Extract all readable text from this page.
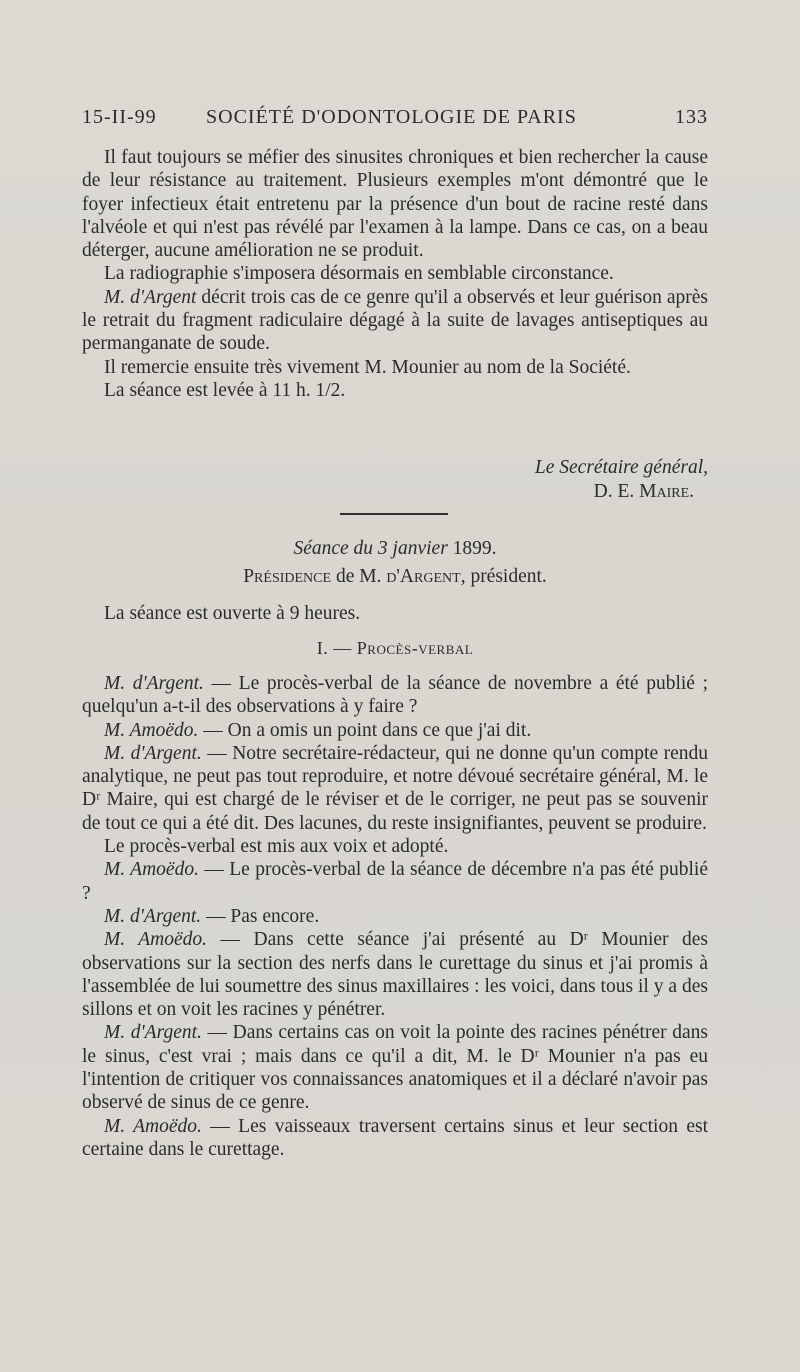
15-II-99 SOCIÉTÉ D'ODONTOLOGIE DE PARIS	133

Il faut toujours se méfier des sinusites chroniques et bien rechercher la cause de leur résistance au traitement. Plusieurs exemples m'ont démontré que le foyer infectieux était entretenu par la présence d'un bout de racine resté dans l'alvéole et qui n'est pas révélé par l'examen à la lampe. Dans ce cas, on a beau déterger, aucune amélioration ne se produit.

La radiographie s'imposera désormais en semblable circonstance.

M. d'Argent décrit trois cas de ce genre qu'il a observés et leur guérison après le retrait du fragment radiculaire dégagé à la suite de lavages antiseptiques au permanganate de soude.

Il remercie ensuite très vivement M. Mounier au nom de la Société.

La séance est levée à 11 h. 1/2.

Le Secrétaire général,
D. E. Maire.
Séance du 3 janvier 1899.
Présidence de M. d'Argent, président.
La séance est ouverte à 9 heures.
I. — Procès-verbal

M. d'Argent. — Le procès-verbal de la séance de novembre a été publié ; quelqu'un a-t-il des observations à y faire ?

M. Amoëdo. — On a omis un point dans ce que j'ai dit.

M. d'Argent. — Notre secrétaire-rédacteur, qui ne donne qu'un compte rendu analytique, ne peut pas tout reproduire, et notre dévoué secrétaire général, M. le Dʳ Maire, qui est chargé de le réviser et de le corriger, ne peut pas se souvenir de tout ce qui a été dit. Des lacunes, du reste insignifiantes, peuvent se produire.

Le procès-verbal est mis aux voix et adopté.

M. Amoëdo. — Le procès-verbal de la séance de décembre n'a pas été publié ?

M. d'Argent. — Pas encore.

M. Amoëdo. — Dans cette séance j'ai présenté au Dʳ Mounier des observations sur la section des nerfs dans le curettage du sinus et j'ai promis à l'assemblée de lui soumettre des sinus maxillaires : les voici, dans tous il y a des sillons et on voit les racines y pénétrer.

M. d'Argent. — Dans certains cas on voit la pointe des racines pénétrer dans le sinus, c'est vrai ; mais dans ce qu'il a dit, M. le Dʳ Mounier n'a pas eu l'intention de critiquer vos connaissances anatomiques et il a déclaré n'avoir pas observé de sinus de ce genre.

M. Amoëdo. — Les vaisseaux traversent certains sinus et leur section est certaine dans le curettage.
